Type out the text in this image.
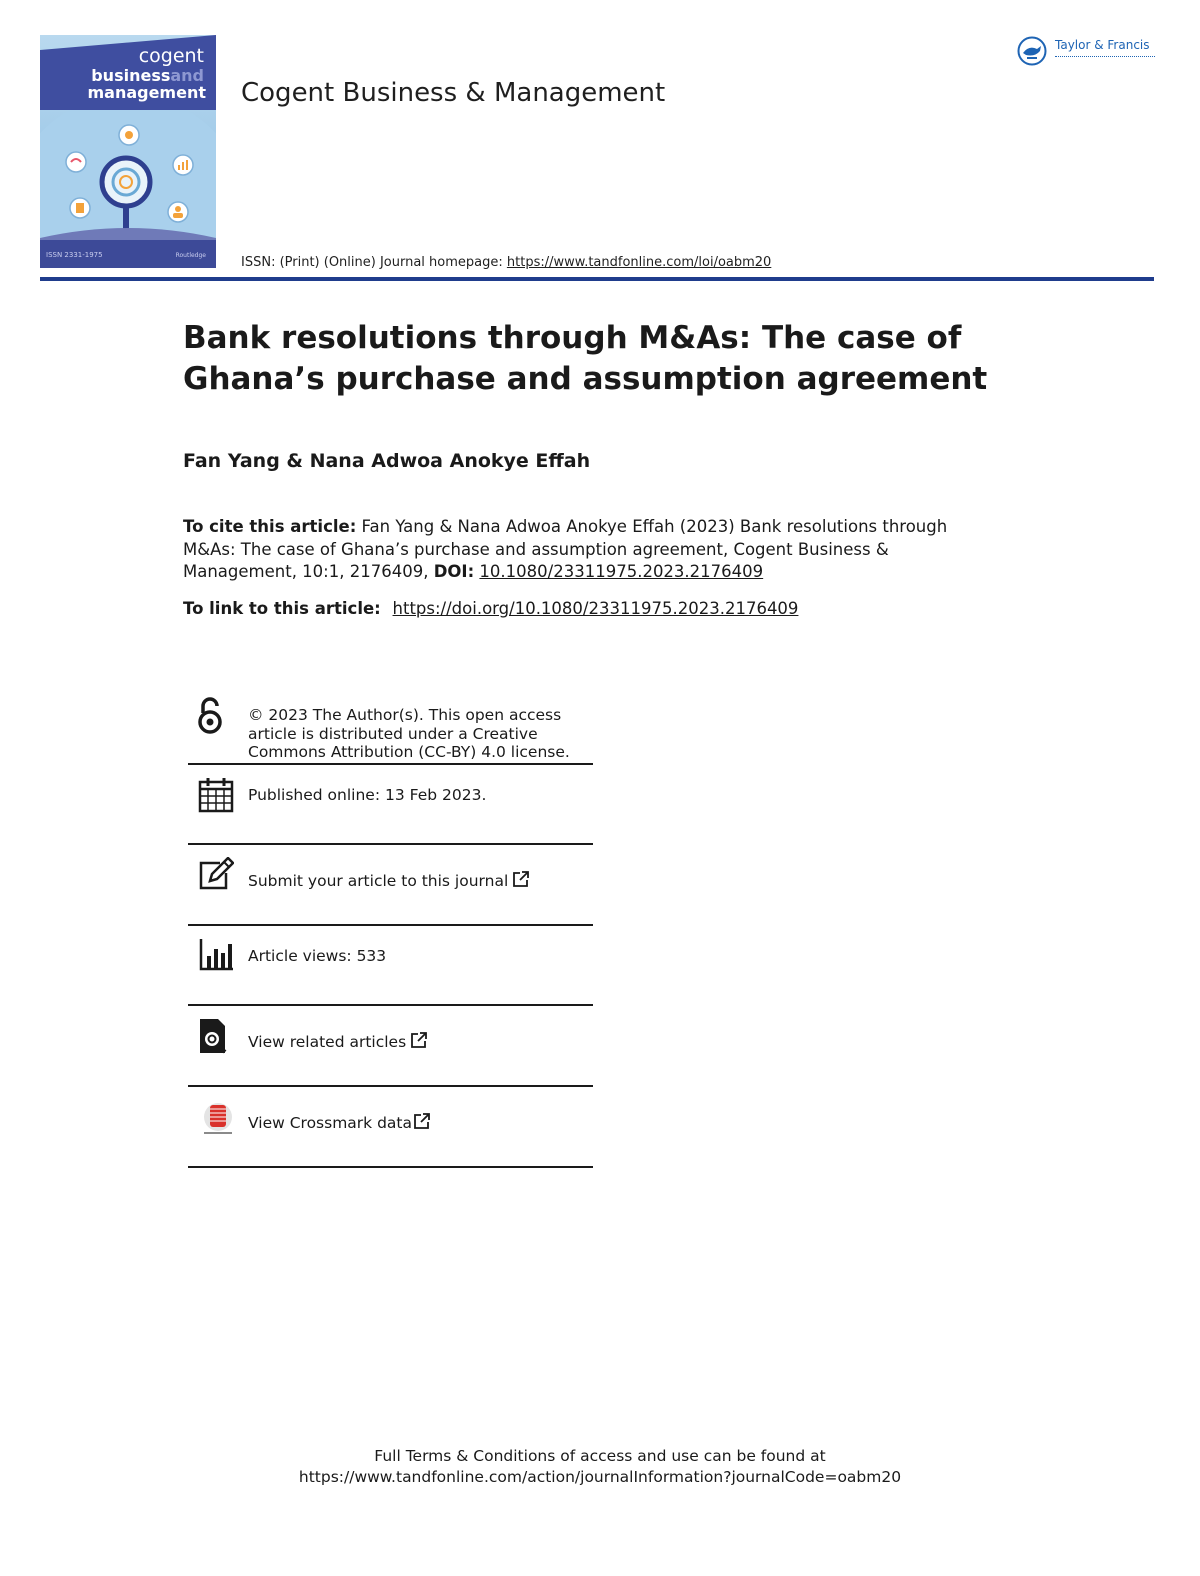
cogent
businessand
management
ISSN 2331-1975	Routledge
Cogent Business & Management
Taylor & Francis
ISSN: (Print) (Online) Journal homepage: https://www.tandfonline.com/loi/oabm20
Bank resolutions through M&As: The case of
Ghana’s purchase and assumption agreement
Fan Yang & Nana Adwoa Anokye Effah
To cite this article: Fan Yang & Nana Adwoa Anokye Effah (2023) Bank resolutions through M&As: The case of Ghana’s purchase and assumption agreement, Cogent Business & Management, 10:1, 2176409, DOI: 10.1080/23311975.2023.2176409
To link to this article: https://doi.org/10.1080/23311975.2023.2176409
© 2023 The Author(s). This open access article is distributed under a Creative Commons Attribution (CC-BY) 4.0 license.
Published online: 13 Feb 2023.
Submit your article to this journal
Article views: 533
View related articles
View Crossmark data
Full Terms & Conditions of access and use can be found at
https://www.tandfonline.com/action/journalInformation?journalCode=oabm20
